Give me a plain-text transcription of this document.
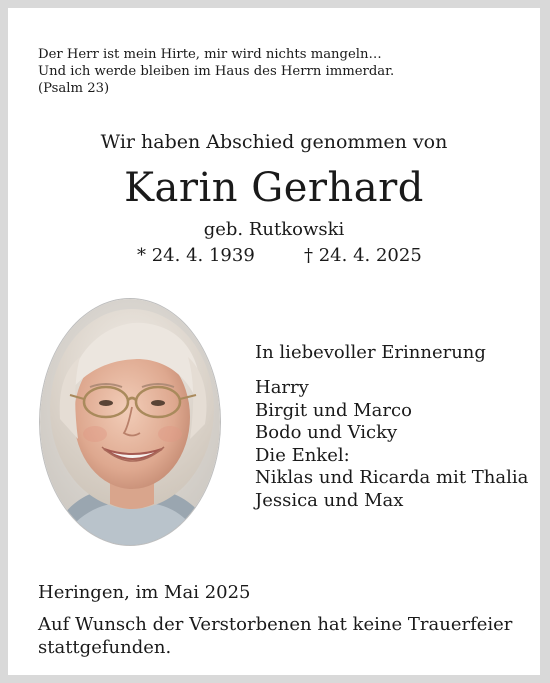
Der Herr ist mein Hirte, mir wird nichts mangeln…
Und ich werde bleiben im Haus des Herrn immerdar.
(Psalm 23)
Wir haben Abschied genommen von
Karin Gerhard
geb. Rutkowski
* 24. 4. 1939	† 24. 4. 2025
In liebevoller Erinnerung
Harry
Birgit und Marco
Bodo und Vicky
Die Enkel:
Niklas und Ricarda mit Thalia
Jessica und Max
Heringen, im Mai 2025
Auf Wunsch der Verstorbenen hat keine Trauerfeier stattgefunden.
